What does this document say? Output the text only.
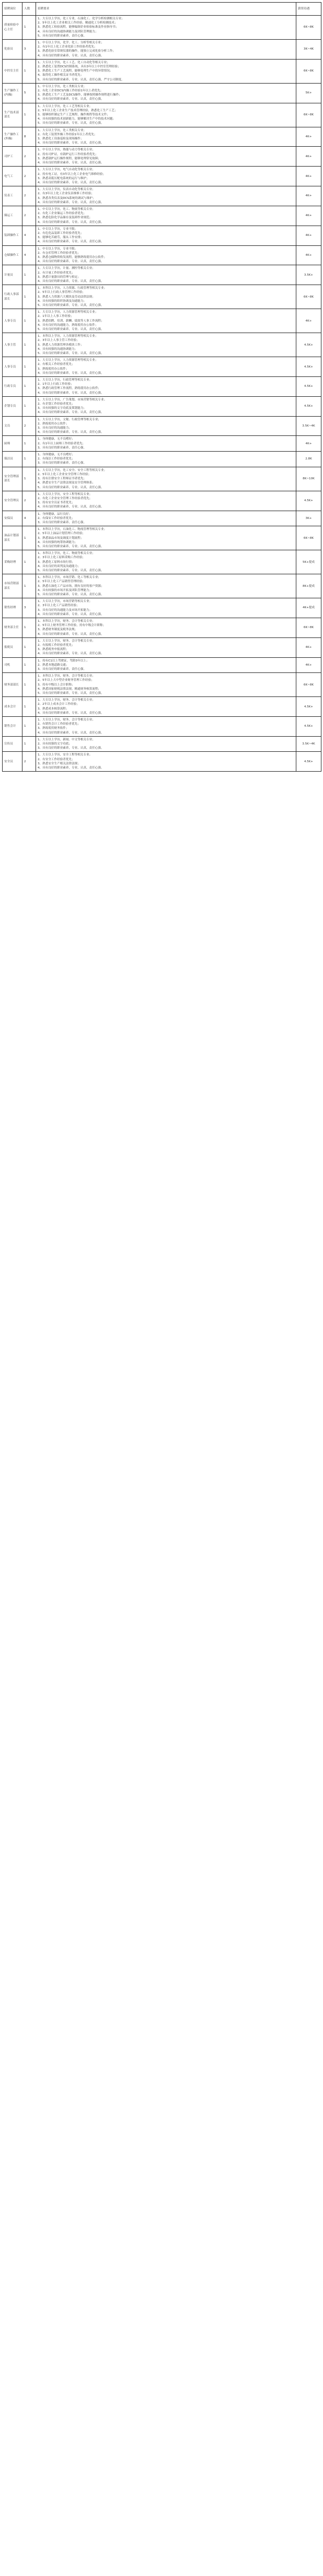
招聘岗位	人数	招聘要求	薪资待遇
质量检验中心主任	1	1、大专以上学历，化工专业，石油化工、化学分析检测相关专业；
2、5年以上化工企业相关工作经验，精通化工分析检测技术；
3、熟悉化工检验流程，能够编制企业检验标准及作业指导书；
4、具有良好的沟通协调能力及团队管理能力；
5、具有良好的职业素养，责任心强。	6K~8K
化验员	3	1、中专以上学历，化学、化工、分析等相关专业；
2、有1年以上化工企业化验工作经验者优先；
3、熟悉化验室常规仪器的操作，能独立完成化验分析工作；
4、具有良好的职业素养，专业、认真，责任心强。	3K~4K
中控室主任	1	1、大专以上学历，化工工艺、化工自动化等相关专业；
2、熟悉化工装置DCS控制系统，具有3年以上中控室管理经验；
3、熟悉化工生产工艺流程，能够处理生产中的异常情况；
4、取得化工操作相关证书者优先；
5、具有良好的职业素养，专业、认真，责任心强，严守公司制度。	6K~8K
生产操作工(内操)	5	1、中专以上学历，化工类相关专业；
2、有化工企业DCS内操工作经验1年以上者优先；
3、熟悉化工生产工艺及DCS操作，能够按照操作规程进行操作；
4、具有良好的职业素养，专业、认真，责任心强。	5K+
生产技术部部长	1	1、大专以上学历，化工工艺等相关专业；
2、5年以上化工企业生产技术管理经验，熟悉化工生产工艺；
3、能够组织制定生产工艺规程、操作规程等技术文件；
4、具有较强的技术创新能力，能够解决生产中的技术问题；
5、具有良好的职业素养，专业、认真，责任心强。	6K~8K
生产操作工(外操)	8	1、大专以上学历，化工类相关专业；
2、有化工装置外操工作经验1年以上者优先；
3、熟悉化工设备巡检及现场操作；
4、具有良好的职业素养，专业、认真，责任心强。	4K+
司炉工	2	1、中专以上学历，热能与动力等相关专业；
2、持有司炉证，有锅炉运行工作经验者优先；
3、熟悉锅炉运行操作规程，能够处理常见故障；
4、具有良好的职业素养，专业、认真，责任心强。	4K+
电气工	2	1、大专以上学历，电气自动化等相关专业；
2、持有电工证，有3年以上化工企业电气维修经验；
3、熟悉高低压配电系统的运行与维护；
4、具有良好的职业素养，专业、认真，责任心强。	4K+
仪表工	2	1、大专以上学历，仪表自动化等相关专业；
2、有3年以上化工企业仪表维修工作经验；
3、熟悉各类仪表及DCS系统的调试与维护；
4、具有良好的职业素养，专业、认真，责任心强。	4K+
储运工	2	1、中专以上学历，化工、物流等相关专业；
2、有化工企业储运工作经验者优先；
3、熟悉危险化学品储存及装卸作业规范；
4、具有良好的职业素养，专业、认真，责任心强。	4K+
装卸操作工	4	1、中专以上学历，专业不限；
2、有危化品装卸工作经验者优先；
3、能够吃苦耐劳，服从工作安排；
4、具有良好的职业素养，专业、认真，责任心强。	4K+
仓储操作工	4	1、中专以上学历，专业不限；
2、有仓库管理工作经验者优先；
3、熟悉仓储物资收发流程，能够熟练使用办公软件；
4、具有良好的职业素养，专业、认真，责任心强。	4K+
计量员	1	1、大专以上学历，计量、测控等相关专业；
2、有计量工作经验者优先；
3、熟悉计量器具的管理与检定；
4、具有良好的职业素养，专业、认真，责任心强。	3.5K+
行政人事部部长	1	1、本科以上学历，人力资源、行政管理等相关专业；
2、5年以上行政人事管理工作经验；
3、熟悉人力资源六大模块及劳动法律法规；
4、具有较强的组织协调及沟通能力；
5、具有良好的职业素养，专业、认真，责任心强。	6K~8K
人事专员	1	1、大专以上学历，人力资源管理等相关专业；
2、1年以上人事工作经验；
3、熟悉招聘、培训、薪酬、绩效等人事工作流程；
4、具有良好的沟通能力，熟练使用办公软件；
5、具有良好的职业素养，专业、认真，责任心强。	4K+
人事主管	1	1、本科以上学历，人力资源管理等相关专业；
2、3年以上人事主管工作经验；
3、熟悉人力资源管理各模块工作；
4、具有较强的沟通协调能力；
5、具有良好的职业素养，专业、认真，责任心强。	4.5K+
人事专员	1	1、大专以上学历，人力资源管理等相关专业；
2、有相关工作经验者优先；
3、熟练使用办公软件；
4、具有良好的职业素养，专业、认真，责任心强。	4.5K+
行政专员	1	1、大专以上学历，行政管理等相关专业；
2、1年以上行政工作经验；
3、熟悉行政管理工作流程，熟练使用办公软件；
4、具有良好的职业素养，专业、认真，责任心强。	4.5K+
企划专员	1	1、大专以上学历，广告策划、市场营销等相关专业；
2、有企划工作经验者优先；
3、具有较强的文字功底及策划能力；
4、具有良好的职业素养，专业、认真，责任心强。	4.5K+
文员	2	1、大专以上学历，文秘、行政管理等相关专业；
2、熟练使用办公软件；
3、具有良好的沟通能力；
4、具有良好的职业素养，专业、认真，责任心强。	3.5K~4K
厨师	1	1、身体健康，无不良嗜好；
2、有1年以上厨师工作经验者优先；
3、具有良好的职业素养，责任心强。	4K+
保洁员	1	1、身体健康，无不良嗜好；
2、有保洁工作经验者优先；
3、具有良好的职业素养，责任心强。	2.8K
安全管理部部长	1	1、大专以上学历，化工安全、安全工程等相关专业；
2、5年以上化工企业安全管理工作经验；
3、持有注册安全工程师证书者优先；
4、熟悉安全生产法律法规及安全管理体系；
5、具有良好的职业素养，专业、认真，责任心强。	8K~10K
安全管理员	2	1、大专以上学历，安全工程等相关专业；
2、有化工企业安全管理工作经验者优先；
3、持有安全员证书者优先；
4、具有良好的职业素养，专业、认真，责任心强。	4.5K+
安保员	4	1、身体健康，品行良好；
2、有保安工作经验者优先；
3、具有良好的职业素养，责任心强。	3K+
油品计划部部长	1	1、本科以上学历，石油化工、物流管理等相关专业；
2、5年以上油品计划管理工作经验；
3、熟悉油品市场及调度计划流程；
4、具有较强的统筹协调能力；
5、具有良好的职业素养，专业、认真，责任心强。	6K~8K
采购经理	1	1、本科以上学历，化工、物流等相关专业；
2、3年以上化工原料采购工作经验；
3、熟悉化工原料市场行情；
4、具有良好的谈判及沟通能力；
5、具有良好的职业素养，专业、认真，责任心强。	5K+提成
市场营销部部长	1	1、本科以上学历，市场营销、化工等相关专业；
2、5年以上化工产品销售管理经验；
3、熟悉石油化工产品市场，拥有良好的客户资源；
4、具有较强的市场开拓及团队管理能力；
5、具有良好的职业素养，专业、认真，责任心强。	8K+提成
销售经理	3	1、大专以上学历，市场营销等相关专业；
2、3年以上化工产品销售经验；
3、具有良好的沟通能力及市场开拓能力；
4、具有良好的职业素养，专业、认真，责任心强。	4K+提成
财务部主任	1	1、本科以上学历，财务、会计等相关专业；
2、5年以上财务管理工作经验，持有中级会计职称；
3、熟悉财务制度及税务法规；
4、具有良好的职业素养，专业、认真，责任心强。	6K~8K
报税员	1	1、大专以上学历，财务、会计等相关专业；
2、有报税工作经验者优先；
3、熟悉税务申报流程；
4、具有良好的职业素养，专业、认真，责任心强。	4K+
司机	1	1、持有C1以上驾驶证，驾龄3年以上；
2、熟悉本地道路交通；
3、具有良好的职业素养，责任心强。	4K+
财务部部长	1	1、本科以上学历，财务、会计等相关专业；
2、5年以上大中型企业财务管理工作经验；
3、持有中级以上会计职称；
4、熟悉国家财税法律法规，精通财务核算流程；
5、具有良好的职业素养，专业、认真，责任心强。	6K~8K
成本会计	1	1、大专以上学历，财务、会计等相关专业；
2、2年以上成本会计工作经验；
3、熟悉成本核算流程；
4、具有良好的职业素养，专业、认真，责任心强。	4.5K+
销售会计	1	1、大专以上学历，财务、会计等相关专业；
2、有销售会计工作经验者优先；
3、熟练使用财务软件；
4、具有良好的职业素养，专业、认真，责任心强。	4.5K+
宣传员	1	1、大专以上学历，新闻、中文等相关专业；
2、具有较强的文字功底；
3、具有良好的职业素养，专业、认真，责任心强。	3.5K~4K
安全员	2	1、大专以上学历，安全工程等相关专业；
2、有安全工作经验者优先；
3、熟悉安全生产相关法律法规；
4、具有良好的职业素养，专业、认真，责任心强。	4.5K+
